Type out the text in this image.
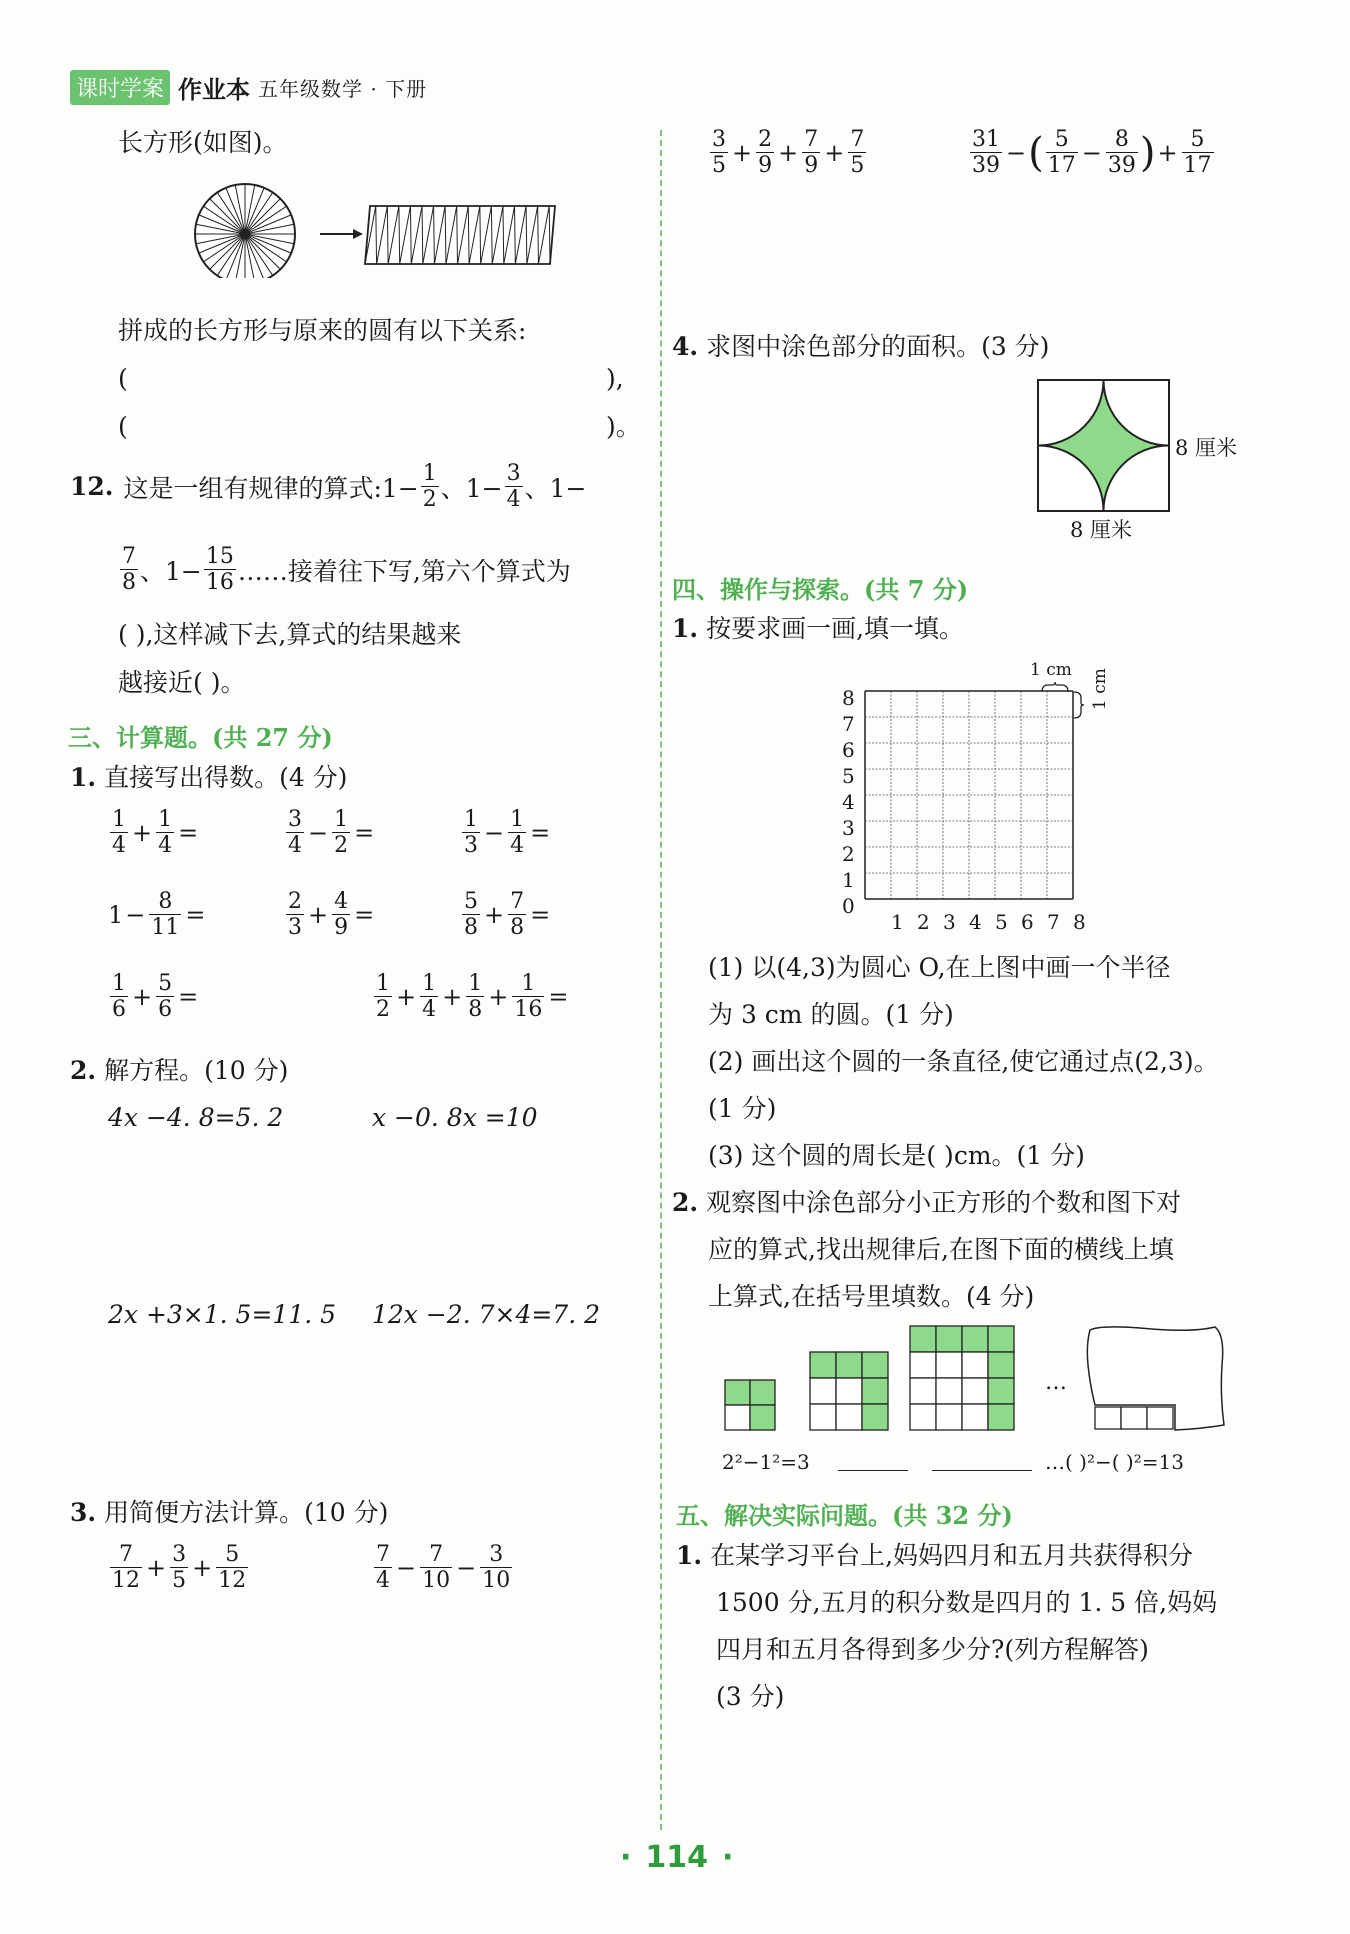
课时学案 作业本 五年级数学 · 下册
长方形(如图)。
拼成的长方形与原来的圆有以下关系:
(	),
(	)。
12. 这是一组有规律的算式:1− $\frac{1}{2}$ 、$1- \frac{3}{4}$ 、1−
$\frac{7}{8}$ 、$1- \frac{15}{16}$ ……接着往下写,第六个算式为
( ),这样减下去,算式的结果越来
越接近( )。
三、计算题。(共 27 分)
1. 直接写出得数。(4 分)
$\frac{1}{4} + \frac{1}{4}$ =	$\frac{3}{4} - \frac{1}{2}$ =	$\frac{1}{3} - \frac{1}{4}$ =
$1 - \frac{8}{11}$ =	$\frac{2}{3} + \frac{4}{9}$ =	$\frac{5}{8} + \frac{7}{8}$ =
$\frac{1}{6} + \frac{5}{6}$ =	$\frac{1}{2} + \frac{1}{4} + \frac{1}{8} + \frac{1}{16}$ =
2. 解方程。(10 分)
4x −4. 8=5. 2	x −0. 8x =10
2x +3×1. 5=11. 5 12x −2. 7×4=7. 2
3. 用简便方法计算。(10 分)
$\frac{7}{12} + \frac{3}{5} + \frac{5}{12}$	$\frac{7}{4} - \frac{7}{10} - \frac{3}{10}$
$\frac{3}{5} + \frac{2}{9} + \frac{7}{9} + \frac{7}{5}$	$\frac{31}{39}$ − ( $\frac{5}{17} - \frac{8}{39}$ ) + $\frac{5}{17}$
4. 求图中涂色部分的面积。(3 分)
8 厘米
8 厘米
四、操作与探索。(共 7 分)
1. 按要求画一画,填一填。
1 cm 1 cm
8
7
6
5
4
3
2
1
0
1 2 3 4 5 6 7 8
(1) 以(4,3)为圆心 O,在上图中画一个半径
为 3 cm 的圆。(1 分)
(2) 画出这个圆的一条直径,使它通过点(2,3)。
(1 分)
(3) 这个圆的周长是( )cm。(1 分)
2. 观察图中涂色部分小正方形的个数和图下对
应的算式,找出规律后,在图下面的横线上填
上算式,在括号里填数。(4 分)
…
2²−1²=3	…( )²−( )²=13
五、解决实际问题。(共 32 分)
1. 在某学习平台上,妈妈四月和五月共获得积分
1500 分,五月的积分数是四月的 1. 5 倍,妈妈
四月和五月各得到多少分?(列方程解答)
(3 分)
· 114 ·
